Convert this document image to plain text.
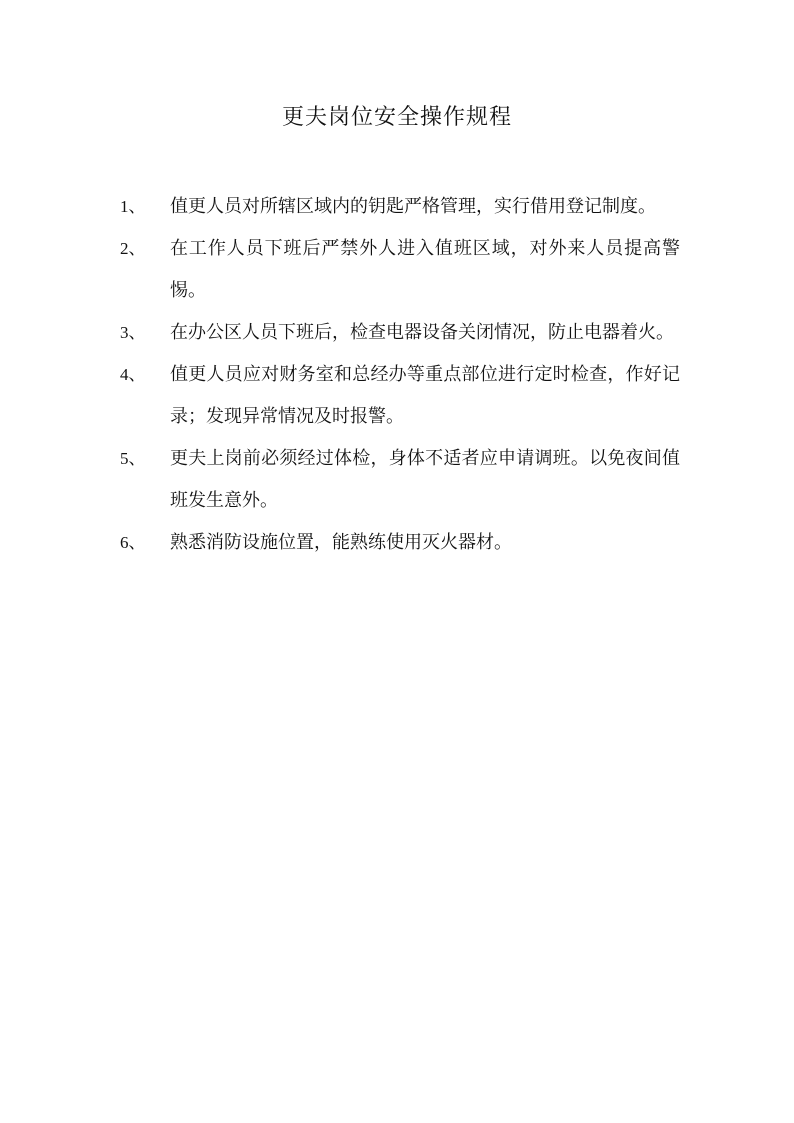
更夫岗位安全操作规程
1、	值更人员对所辖区域内的钥匙严格管理，实行借用登记制度。
2、	在工作人员下班后严禁外人进入值班区域，对外来人员提高警惕。
3、	在办公区人员下班后，检查电器设备关闭情况，防止电器着火。
4、	值更人员应对财务室和总经办等重点部位进行定时检查，作好记录；发现异常情况及时报警。
5、	更夫上岗前必须经过体检，身体不适者应申请调班。以免夜间值班发生意外。
6、	熟悉消防设施位置，能熟练使用灭火器材。
